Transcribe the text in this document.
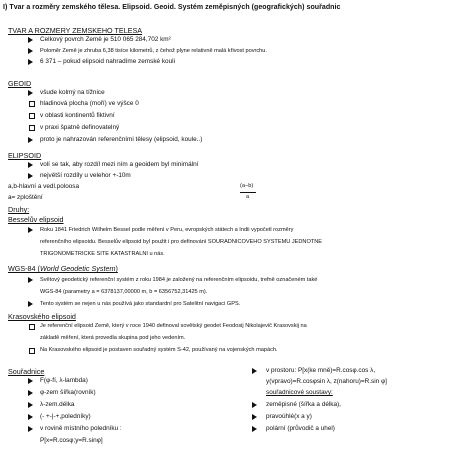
I) Tvar a rozměry zemského tělesa. Elipsoid. Geoid. Systém zeměpisných (geografických) souřadnic
TVAR A ROZMERY ZEMSKEHO TELESA
Celkový povrch Země je 510 065 284,702 km²
Poloměr Země je zhruba 6,38 tisíce kilometrů, z čehož plyne relativně malá křivost povrchu.
6 371 – pokud elipsoid nahradíme zemské kouli
GEOID
všude kolmý na tížnice
hladinová plocha (moří) ve výšce 0
v oblasti kontinentů fiktivní
v praxi špatně definovatelný
proto je nahrazován referenčními tělesy (elipsoid, koule..)
ELIPSOID
volí se tak, aby rozdíl mezi ním a geoidem byl minimální
největší rozdíly u velehor +-10m
a,b-hlavní a vedl.poloosa
a= zploštění
(a−b)
a
Druhy:
Besselův elipsoid
Roku 1841 Friedrich Wilhelm Bessel podle měření v Peru, evropských státech a Indii vypočetl rozměry
referenčního elipsoidu. Besselův elipsoid byl použit i pro definování SOURADNICOVEHO SYSTEMU JEDNOTNE
TRIGONOMETRICKE SITE KATASTRALNI u nás.
WGS-84 (World Geodetic System)
Světový geodetický referenční systém z roku 1984 je založený na referenčním elipsoidu, trefně označeném také
WGS-84 (parametry a = 6378137,00000 m, b = 6356752,31425 m).
Tento systém se nejen u nás používá jako standardní pro Satelitní navigaci GPS.
Krasovského elipsoid
Je referenční elipsoid Země, který v roce 1940 definoval sovětský geodet Feodosij Nikolajevič Krasovskij na
základě měření, která provedla skupina pod jeho vedením.
Na Krasovského elipsoid je postaven souřadný systém S-42, používaný na vojenských mapách.
Souřadnice
F(φ-fí, λ-lambda)
φ-zem šířka(rovník)
λ-zem.délka
(- +-|-+,poledníky)
v rovině místního poledníku :
P[x=R.cosφ;y=R.sinφ]
v prostoru: P[x(ke mně)=R.cosφ.cos λ,
y(vpravo)=R.cosφsin λ, z(nahoru)=R.sin φ]
souřadnicové soustavy:
zeměpisné (šířka a délka),
pravoúhlé(x a y)
polární (průvodič a uhel)
